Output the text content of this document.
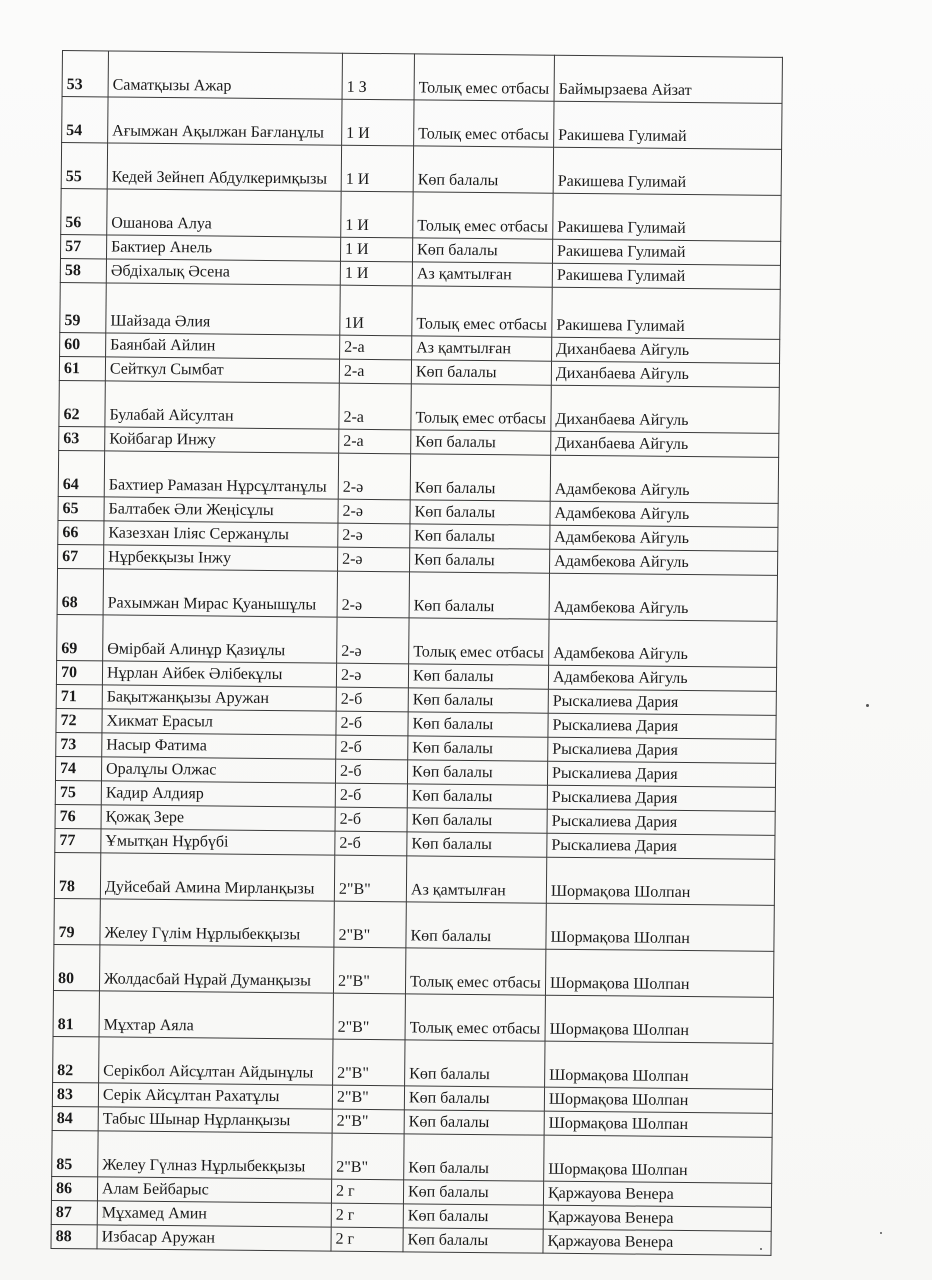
53	Саматқызы Ажар	1 З	Толық емес отбасы	Баймырзаева Айзат
54	Ағымжан Ақылжан Бағланұлы	1 И	Толық емес отбасы	Ракишева Гулимай
55	Кедей Зейнеп Абдулкеримқызы	1 И	Көп балалы	Ракишева Гулимай
56	Ошанова Алуа	1 И	Толық емес отбасы	Ракишева Гулимай
57	Бактиер Анель	1 И	Көп балалы	Ракишева Гулимай
58	Әбдіхалық Әсена	1 И	Аз қамтылған	Ракишева Гулимай
59	Шайзада Әлия	1И	Толық емес отбасы	Ракишева Гулимай
60	Баянбай Айлин	2-а	Аз қамтылған	Диханбаева Айгуль
61	Сейткул Сымбат	2-а	Көп балалы	Диханбаева Айгуль
62	Булабай Айсултан	2-а	Толық емес отбасы	Диханбаева Айгуль
63	Койбагар Инжу	2-а	Көп балалы	Диханбаева Айгуль
64	Бахтиер Рамазан Нұрсұлтанұлы	2-ә	Көп балалы	Адамбекова Айгуль
65	Балтабек Әли Жеңісұлы	2-ә	Көп балалы	Адамбекова Айгуль
66	Казезхан Іліяс Сержанұлы	2-ә	Көп балалы	Адамбекова Айгуль
67	Нұрбекқызы Інжу	2-ә	Көп балалы	Адамбекова Айгуль
68	Рахымжан Мирас Қуанышұлы	2-ә	Көп балалы	Адамбекова Айгуль
69	Өмірбай Алинұр Қазиұлы	2-ә	Толық емес отбасы	Адамбекова Айгуль
70	Нұрлан Айбек Әлібекұлы	2-ә	Көп балалы	Адамбекова Айгуль
71	Бақытжанқызы Аружан	2-б	Көп балалы	Рыскалиева Дария
72	Хикмат Ерасыл	2-б	Көп балалы	Рыскалиева Дария
73	Насыр Фатима	2-б	Көп балалы	Рыскалиева Дария
74	Оралұлы Олжас	2-б	Көп балалы	Рыскалиева Дария
75	Кадир Алдияр	2-б	Көп балалы	Рыскалиева Дария
76	Қожақ Зере	2-б	Көп балалы	Рыскалиева Дария
77	Ұмытқан Нұрбүбі	2-б	Көп балалы	Рыскалиева Дария
78	Дуйсебай Амина Мирланқызы	2"В"	Аз қамтылған	Шормақова Шолпан
79	Желеу Гүлім Нұрлыбекқызы	2"В"	Көп балалы	Шормақова Шолпан
80	Жолдасбай Нұрай Думанқызы	2"В"	Толық емес отбасы	Шормақова Шолпан
81	Мұхтар Аяла	2"В"	Толық емес отбасы	Шормақова Шолпан
82	Серікбол Айсұлтан Айдынұлы	2"В"	Көп балалы	Шормақова Шолпан
83	Серік Айсұлтан Рахатұлы	2"В"	Көп балалы	Шормақова Шолпан
84	Табыс Шынар Нұрланқызы	2"В"	Көп балалы	Шормақова Шолпан
85	Желеу Гүлназ Нұрлыбекқызы	2"В"	Көп балалы	Шормақова Шолпан
86	Алам Бейбарыс	2 г	Көп балалы	Қаржауова Венера
87	Мұхамед Амин	2 г	Көп балалы	Қаржауова Венера
88	Избасар Аружан	2 г	Көп балалы	Қаржауова Венера
